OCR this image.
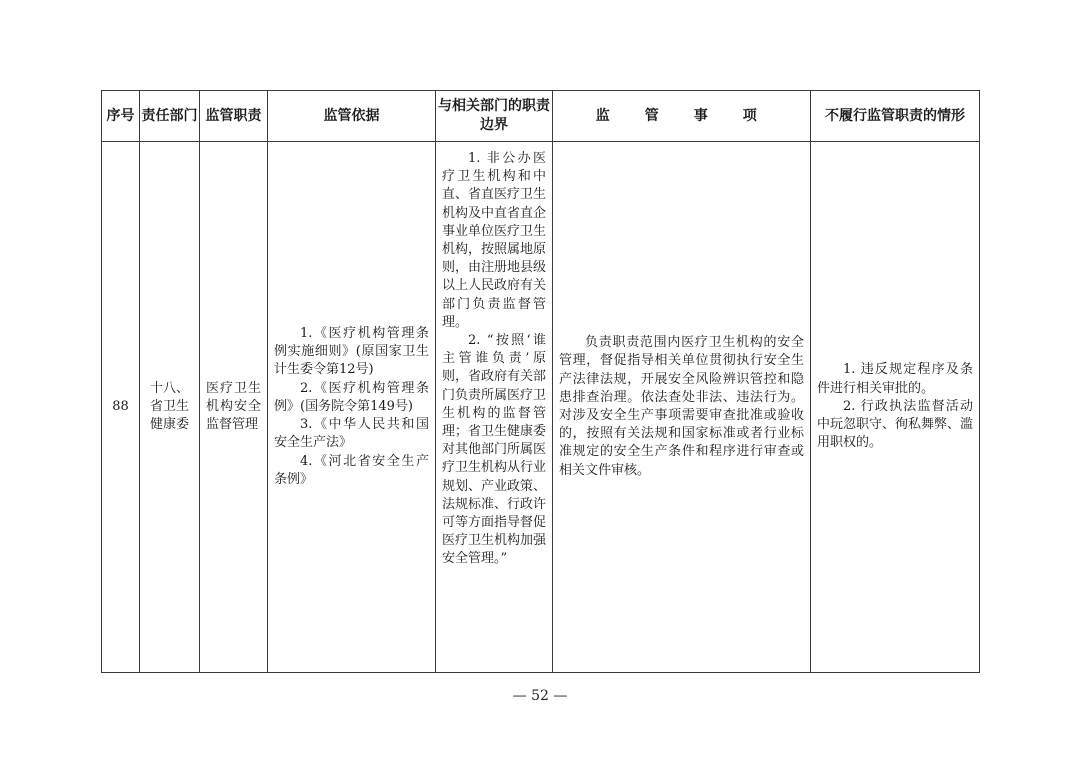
序号	责任部门	监管职责	监管依据	与相关部门的职责边界	监　管　事　项	不履行监管职责的情形
88	十八、
省卫生健康委	医疗卫生机构安全监督管理	1.《医疗机构管理条例实施细则》(原国家卫生计生委令第12号)
2.《医疗机构管理条例》(国务院令第149号)
3.《中华人民共和国安全生产法》
4.《河北省安全生产条例》	1. 非公办医疗卫生机构和中直、省直医疗卫生机构及中直省直企事业单位医疗卫生机构，按照属地原则，由注册地县级以上人民政府有关部门负责监督管理。
2. “按照‘谁主管谁负责’原则，省政府有关部门负责所属医疗卫生机构的监督管理；省卫生健康委对其他部门所属医疗卫生机构从行业规划、产业政策、法规标准、行政许可等方面指导督促医疗卫生机构加强安全管理。”	负责职责范围内医疗卫生机构的安全管理，督促指导相关单位贯彻执行安全生产法律法规，开展安全风险辨识管控和隐患排查治理。依法查处非法、违法行为。对涉及安全生产事项需要审查批准或验收的，按照有关法规和国家标准或者行业标准规定的安全生产条件和程序进行审查或相关文件审核。	1. 违反规定程序及条件进行相关审批的。
2. 行政执法监督活动中玩忽职守、徇私舞弊、滥用职权的。
— 52 —
